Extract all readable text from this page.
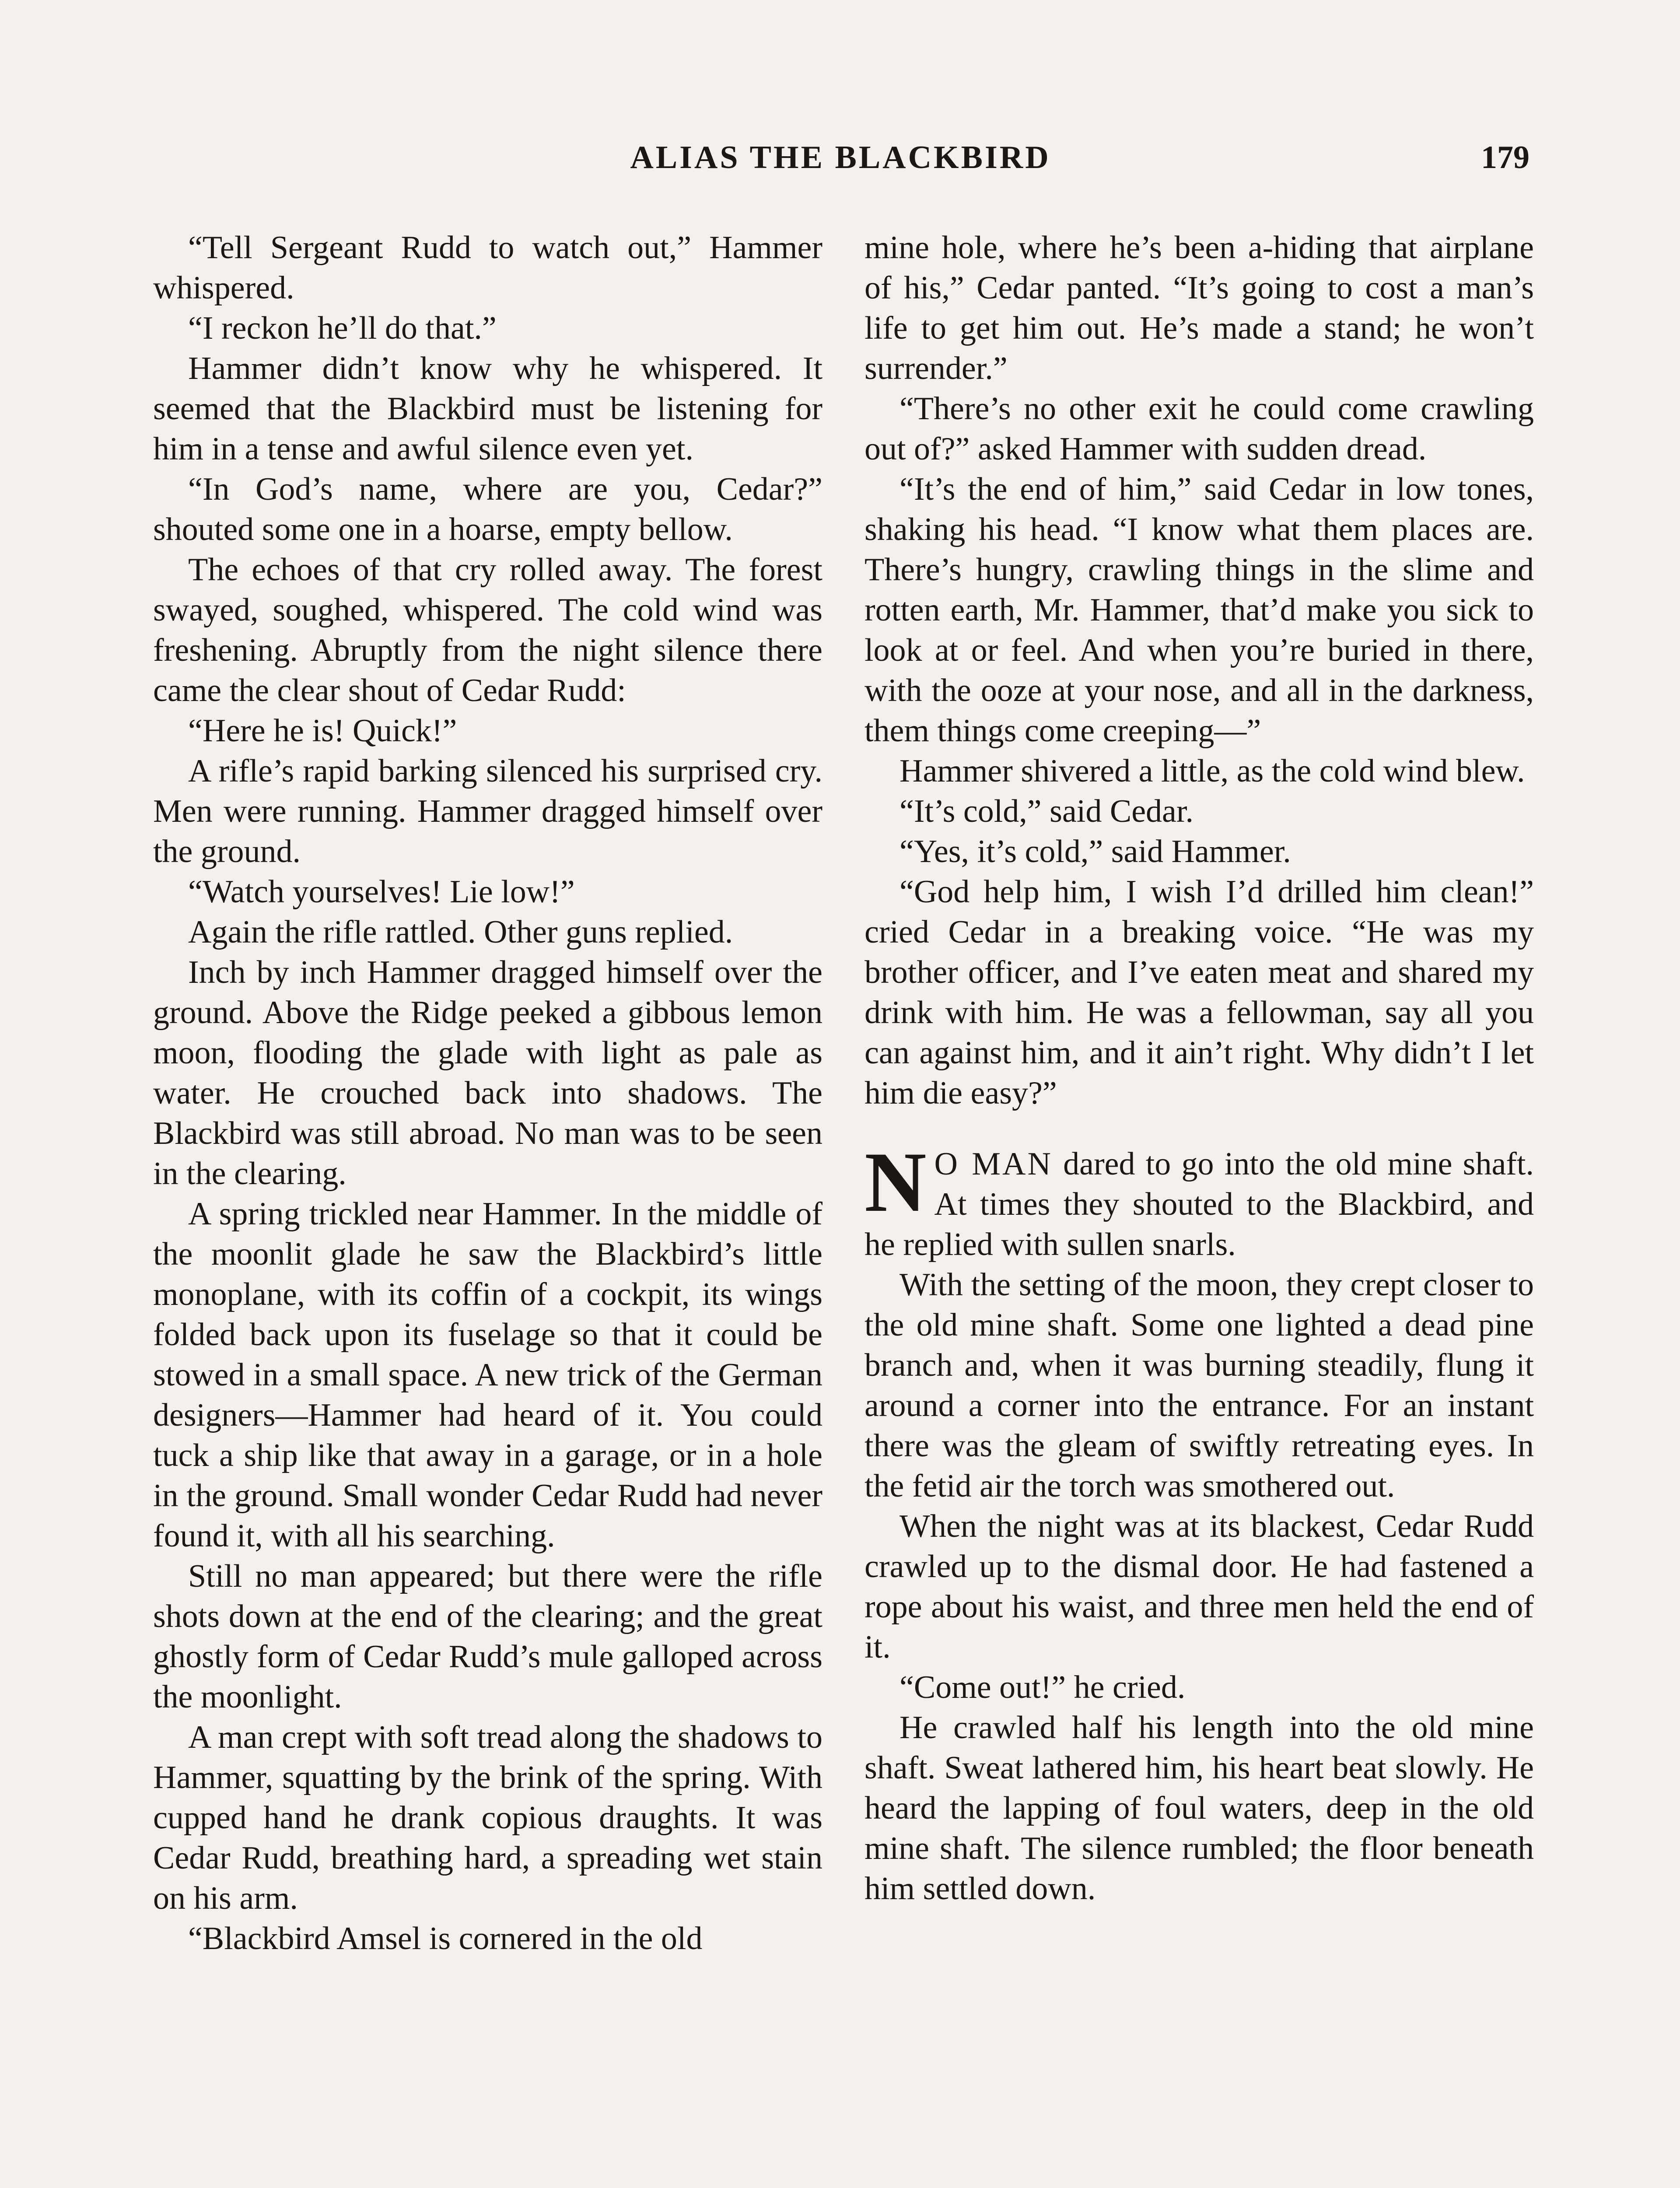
ALIAS THE BLACKBIRD	179

“Tell Sergeant Rudd to watch out,” Hammer whispered.

“I reckon he’ll do that.”

Hammer didn’t know why he whispered. It seemed that the Blackbird must be listening for him in a tense and awful silence even yet.

“In God’s name, where are you, Cedar?” shouted some one in a hoarse, empty bellow.

The echoes of that cry rolled away. The forest swayed, soughed, whispered. The cold wind was freshening. Abruptly from the night silence there came the clear shout of Cedar Rudd:

“Here he is! Quick!”

A rifle’s rapid barking silenced his surprised cry. Men were running. Hammer dragged himself over the ground.

“Watch yourselves! Lie low!”

Again the rifle rattled. Other guns replied.

Inch by inch Hammer dragged himself over the ground. Above the Ridge peeked a gibbous lemon moon, flooding the glade with light as pale as water. He crouched back into shadows. The Blackbird was still abroad. No man was to be seen in the clearing.

A spring trickled near Hammer. In the middle of the moonlit glade he saw the Blackbird’s little monoplane, with its coffin of a cockpit, its wings folded back upon its fuselage so that it could be stowed in a small space. A new trick of the German designers—Hammer had heard of it. You could tuck a ship like that away in a garage, or in a hole in the ground. Small wonder Cedar Rudd had never found it, with all his searching.

Still no man appeared; but there were the rifle shots down at the end of the clearing; and the great ghostly form of Cedar Rudd’s mule galloped across the moonlight.

A man crept with soft tread along the shadows to Hammer, squatting by the brink of the spring. With cupped hand he drank copious draughts. It was Cedar Rudd, breathing hard, a spreading wet stain on his arm.

“Blackbird Amsel is cornered in the old

mine hole, where he’s been a-hiding that airplane of his,” Cedar panted. “It’s going to cost a man’s life to get him out. He’s made a stand; he won’t surrender.”

“There’s no other exit he could come crawling out of?” asked Hammer with sudden dread.

“It’s the end of him,” said Cedar in low tones, shaking his head. “I know what them places are. There’s hungry, crawling things in the slime and rotten earth, Mr. Hammer, that’d make you sick to look at or feel. And when you’re buried in there, with the ooze at your nose, and all in the darkness, them things come creeping—”

Hammer shivered a little, as the cold wind blew.

“It’s cold,” said Cedar.

“Yes, it’s cold,” said Hammer.

“God help him, I wish I’d drilled him clean!” cried Cedar in a breaking voice. “He was my brother officer, and I’ve eaten meat and shared my drink with him. He was a fellowman, say all you can against him, and it ain’t right. Why didn’t I let him die easy?”

N O MAN dared to go into the old mine shaft. At times they shouted to the Blackbird, and he replied with sullen snarls.

With the setting of the moon, they crept closer to the old mine shaft. Some one lighted a dead pine branch and, when it was burning steadily, flung it around a corner into the entrance. For an instant there was the gleam of swiftly retreating eyes. In the fetid air the torch was smothered out.

When the night was at its blackest, Cedar Rudd crawled up to the dismal door. He had fastened a rope about his waist, and three men held the end of it.

“Come out!” he cried.

He crawled half his length into the old mine shaft. Sweat lathered him, his heart beat slowly. He heard the lapping of foul waters, deep in the old mine shaft. The silence rumbled; the floor beneath him settled down.
